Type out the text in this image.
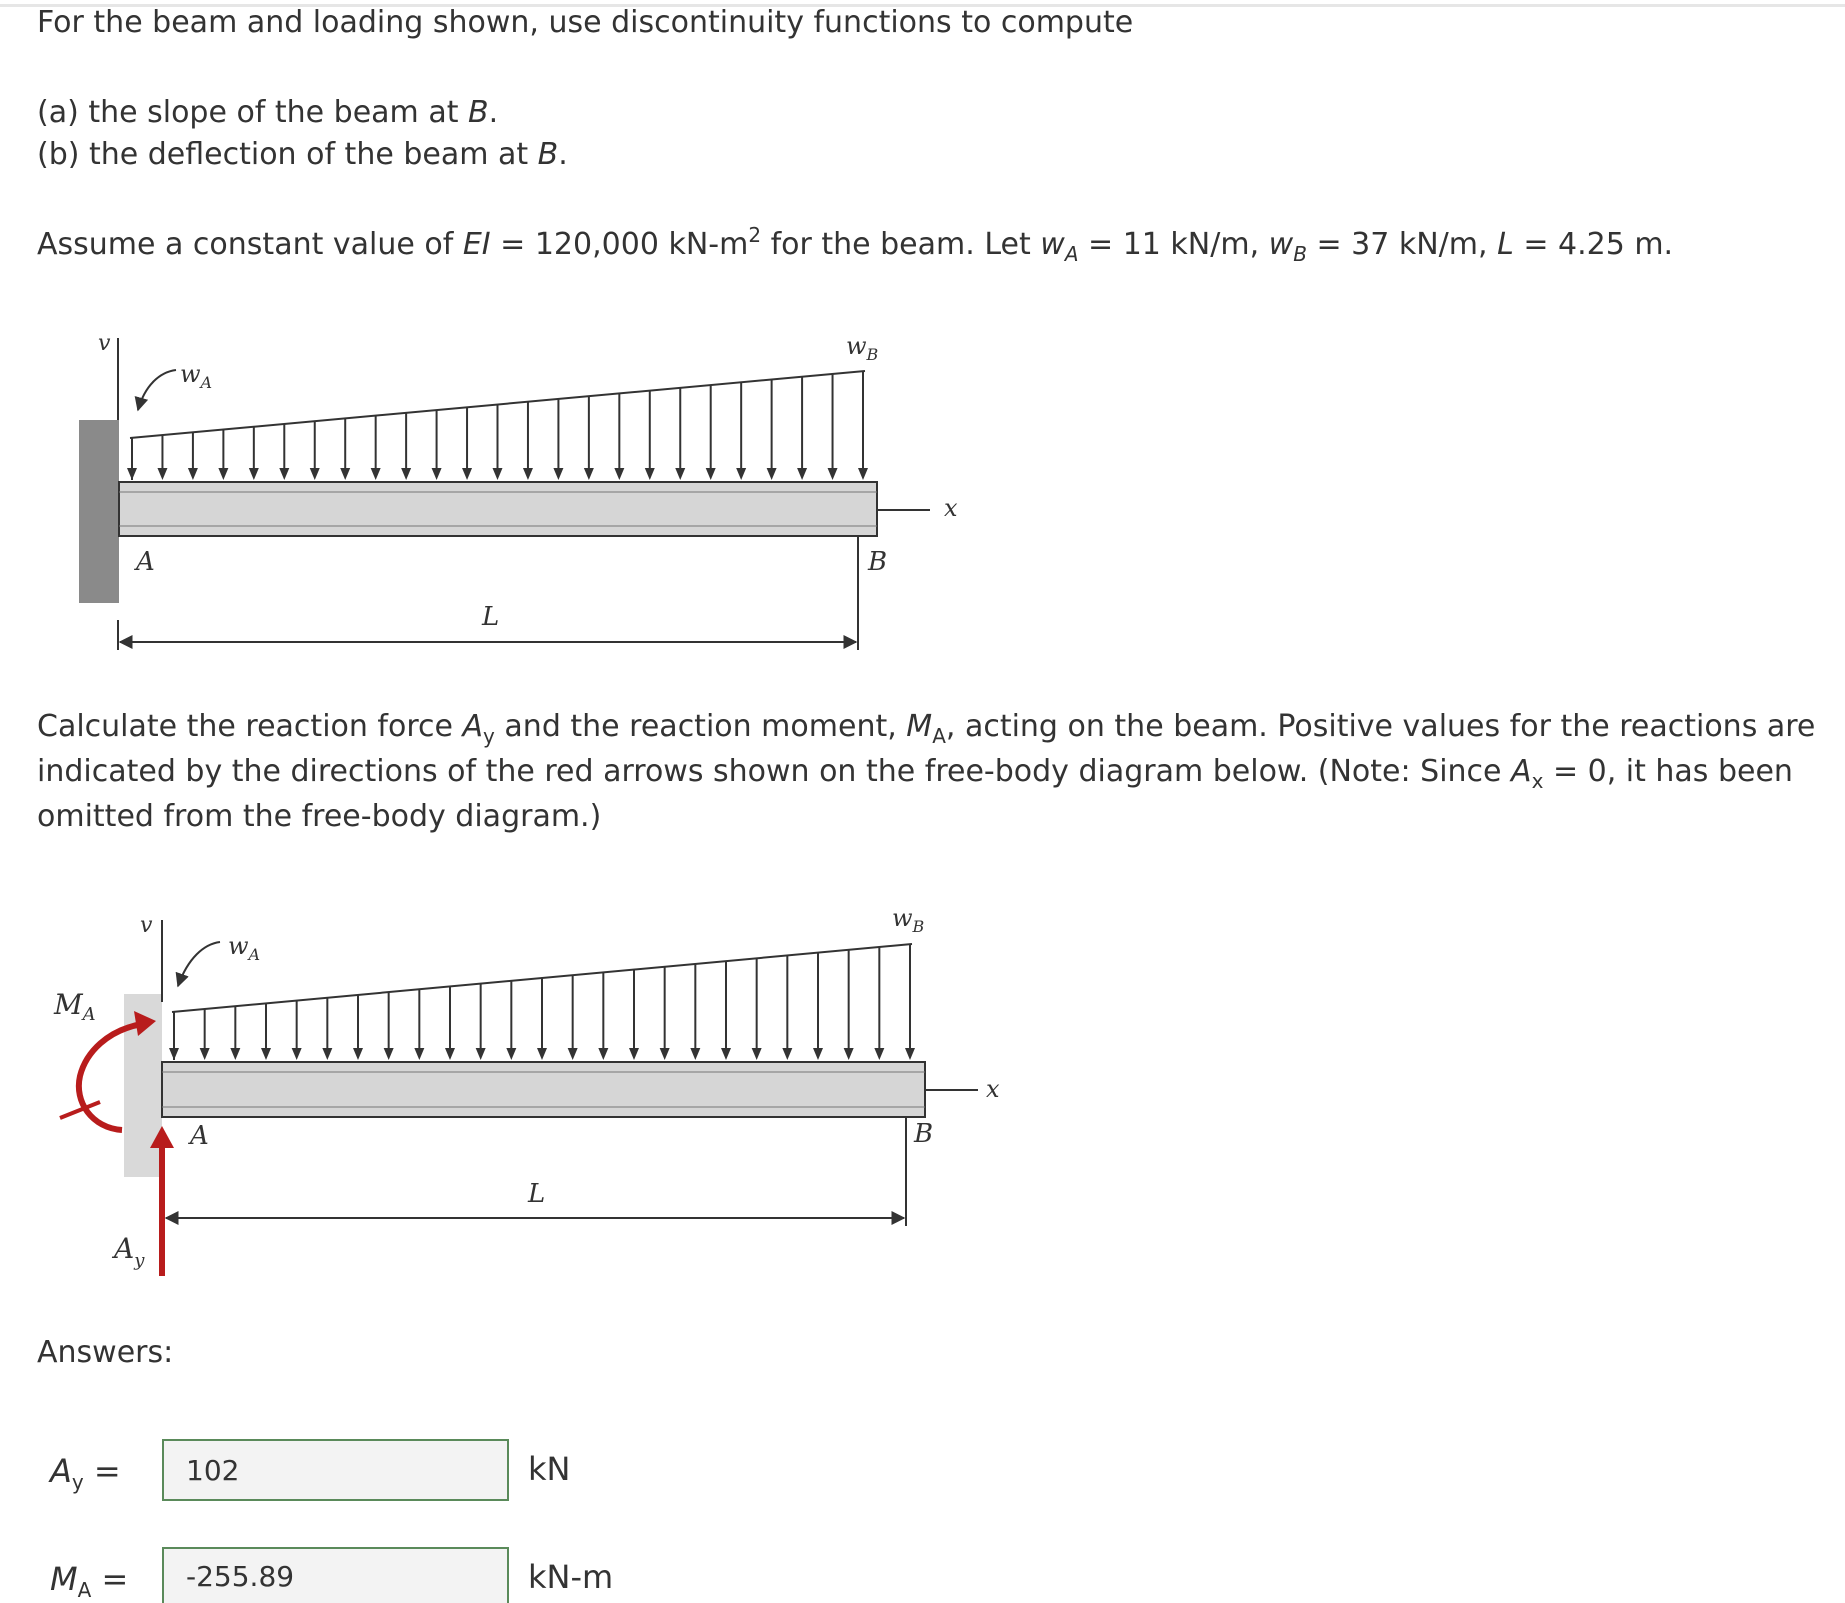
For the beam and loading shown, use discontinuity functions to compute
(a) the slope of the beam at B.
(b) the deflection of the beam at B.
Assume a constant value of EI = 120,000 $kN-m^2$ for the beam. Let $w_A = 11$ kN/m, $w_B = 37$ kN/m, L = 4.25 m.
v
$w_A$
$w_B$
x
A	B
L
Calculate the reaction force $A_y$ and the reaction moment, $M_A$, acting on the beam. Positive values for the reactions are indicated by the directions of the red arrows shown on the free-body diagram below. (Note: Since $A_x = 0$, it has been omitted from the free-body diagram.)
v
$w_A$
$w_B$
x
A	B
L
$M_A$
$A_y$
Answers:
$A_y$ =
102	kN
$M_A$ =
-255.89	kN-m
